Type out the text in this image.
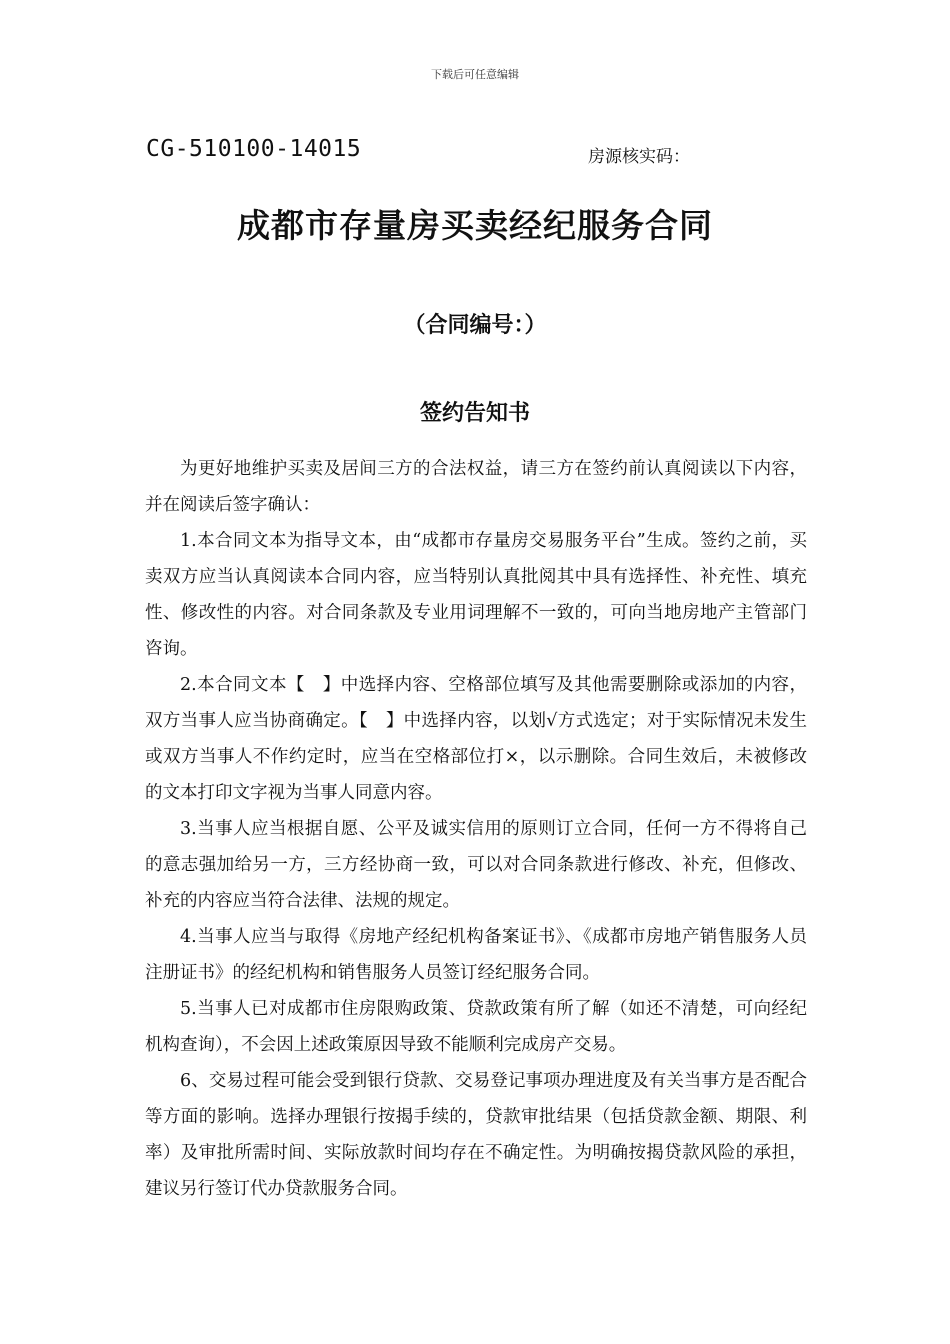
下载后可任意编辑
CG-510100-14015	房源核实码：
成都市存量房买卖经纪服务合同
（合同编号：）
签约告知书

为更好地维护买卖及居间三方的合法权益，请三方在签约前认真阅读以下内容，并在阅读后签字确认：

1.本合同文本为指导文本，由“成都市存量房交易服务平台”生成。签约之前，买卖双方应当认真阅读本合同内容，应当特别认真批阅其中具有选择性、补充性、填充性、修改性的内容。对合同条款及专业用词理解不一致的，可向当地房地产主管部门咨询。

2.本合同文本【　】中选择内容、空格部位填写及其他需要删除或添加的内容，双方当事人应当协商确定。【　】中选择内容，以划√方式选定；对于实际情况未发生或双方当事人不作约定时，应当在空格部位打×，以示删除。合同生效后，未被修改的文本打印文字视为当事人同意内容。

3.当事人应当根据自愿、公平及诚实信用的原则订立合同，任何一方不得将自己的意志强加给另一方，三方经协商一致，可以对合同条款进行修改、补充，但修改、补充的内容应当符合法律、法规的规定。

4.当事人应当与取得《房地产经纪机构备案证书》、《成都市房地产销售服务人员注册证书》的经纪机构和销售服务人员签订经纪服务合同。

5.当事人已对成都市住房限购政策、贷款政策有所了解（如还不清楚，可向经纪机构查询），不会因上述政策原因导致不能顺利完成房产交易。

6、交易过程可能会受到银行贷款、交易登记事项办理进度及有关当事方是否配合等方面的影响。选择办理银行按揭手续的，贷款审批结果（包括贷款金额、期限、利率）及审批所需时间、实际放款时间均存在不确定性。为明确按揭贷款风险的承担，建议另行签订代办贷款服务合同。
